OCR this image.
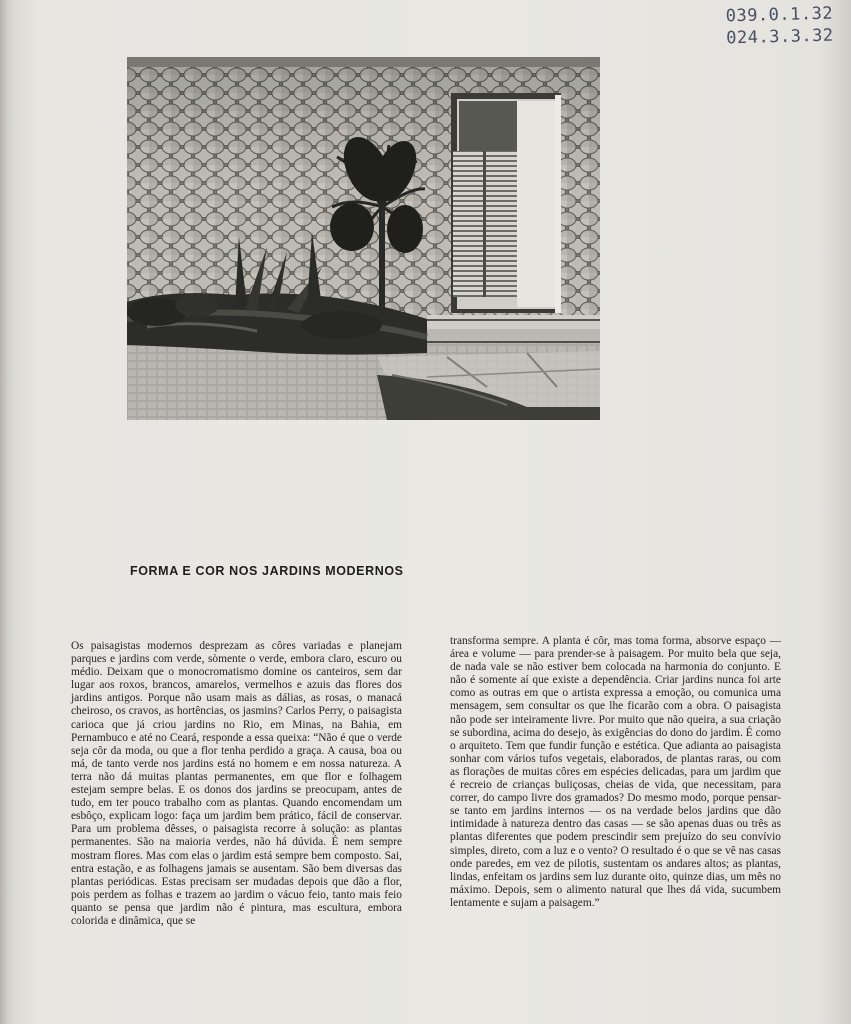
039.0.1.32
024.3.3.32
FORMA E COR NOS JARDINS MODERNOS

Os paisagistas modernos desprezam as côres variadas e planejam parques e jardins com verde, sòmente o verde, embora claro, escuro ou médio. Deixam que o monocromatismo domine os canteiros, sem dar lugar aos roxos, brancos, amarelos, vermelhos e azuis das flores dos jardins antigos. Porque não usam mais as dálias, as rosas, o manacá cheiroso, os cravos, as hortências, os jasmins? Carlos Perry, o paisagista carioca que já criou jardins no Rio, em Minas, na Bahia, em Pernambuco e até no Ceará, responde a essa queixa: “Não é que o verde seja côr da moda, ou que a flor tenha perdido a graça. A causa, boa ou má, de tanto verde nos jardins está no homem e em nossa natureza. A terra não dá muitas plantas permanentes, em que flor e folhagem estejam sempre belas. E os donos dos jardins se preocupam, antes de tudo, em ter pouco trabalho com as plantas. Quando encomendam um esbôço, explicam logo: faça um jardim bem prático, fácil de conservar. Para um problema dêsses, o paisagista recorre à solução: as plantas permanentes. São na maioria verdes, não há dúvida. É nem sempre mostram flores. Mas com elas o jardim está sempre bem composto. Sai, entra estação, e as folhagens jamais se ausentam. São bem diversas das plantas periódicas. Estas precisam ser mudadas depois que dão a flor, pois perdem as folhas e trazem ao jardim o vácuo feio, tanto mais feio quanto se pensa que jardim não é pintura, mas escultura, embora colorida e dinâmica, que se

transforma sempre. A planta é côr, mas toma forma, absorve espaço — área e volume — para prender-se à paisagem. Por muito bela que seja, de nada vale se não estiver bem colocada na harmonia do conjunto. E não é somente aí que existe a dependência. Criar jardins nunca foi arte como as outras em que o artista expressa a emoção, ou comunica uma mensagem, sem consultar os que lhe ficarão com a obra. O paisagista não pode ser inteiramente livre. Por muito que não queira, a sua criação se subordina, acima do desejo, às exigências do dono do jardim. É como o arquiteto. Tem que fundir função e estética. Que adianta ao paisagista sonhar com vários tufos vegetais, elaborados, de plantas raras, ou com as florações de muitas côres em espécies delicadas, para um jardim que é recreio de crianças buliçosas, cheias de vida, que necessitam, para correr, do campo livre dos gramados? Do mesmo modo, porque pensar-se tanto em jardins internos — os na verdade belos jardins que dão intimidade à natureza dentro das casas — se são apenas duas ou três as plantas diferentes que podem prescindir sem prejuízo do seu convívio simples, direto, com a luz e o vento? O resultado é o que se vê nas casas onde paredes, em vez de pilotis, sustentam os andares altos; as plantas, lindas, enfeitam os jardins sem luz durante oito, quinze dias, um mês no máximo. Depois, sem o alimento natural que lhes dá vida, sucumbem lentamente e sujam a paisagem.”
